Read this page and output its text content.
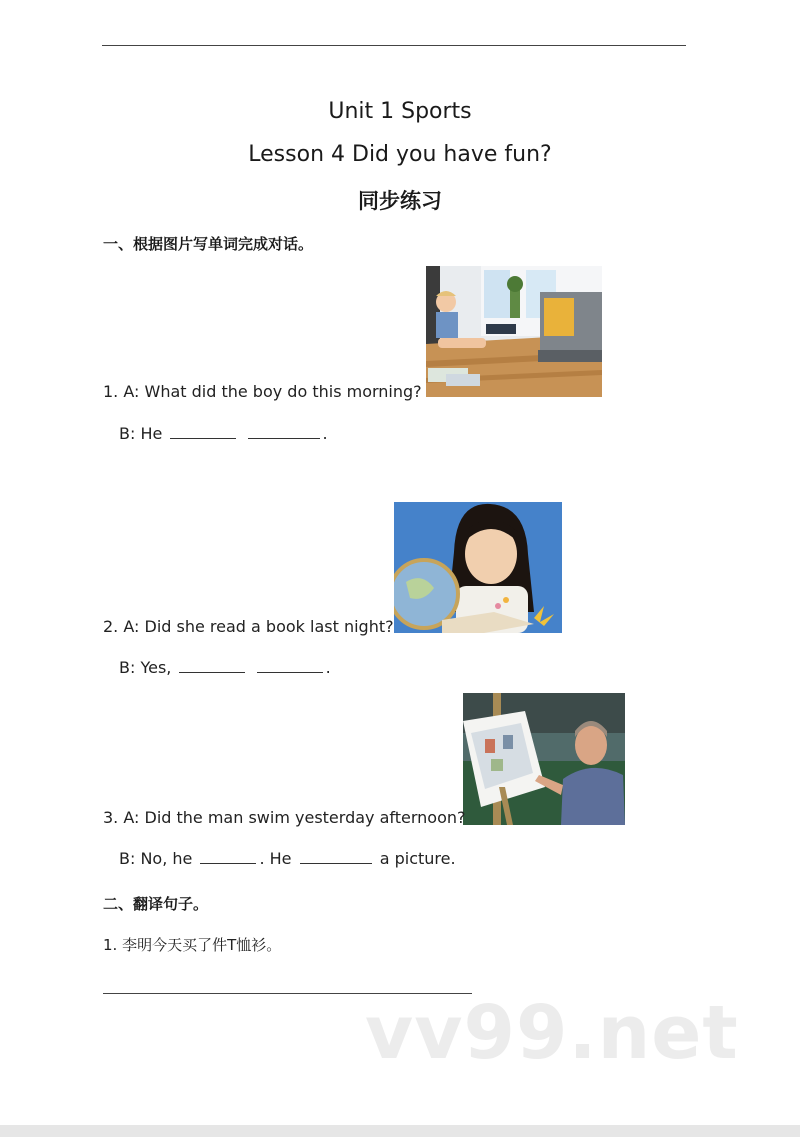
Unit 1 Sports
Lesson 4 Did you have fun?
同步练习
一、根据图片写单词完成对话。
1. A: What did the boy do this morning?
B: He	.
2. A: Did she read a book last night?
B: Yes,	.
3. A: Did the man swim yesterday afternoon?
B: No, he	. He	a picture.
二、翻译句子。
1. 李明今天买了件T恤衫。
vv99.net
